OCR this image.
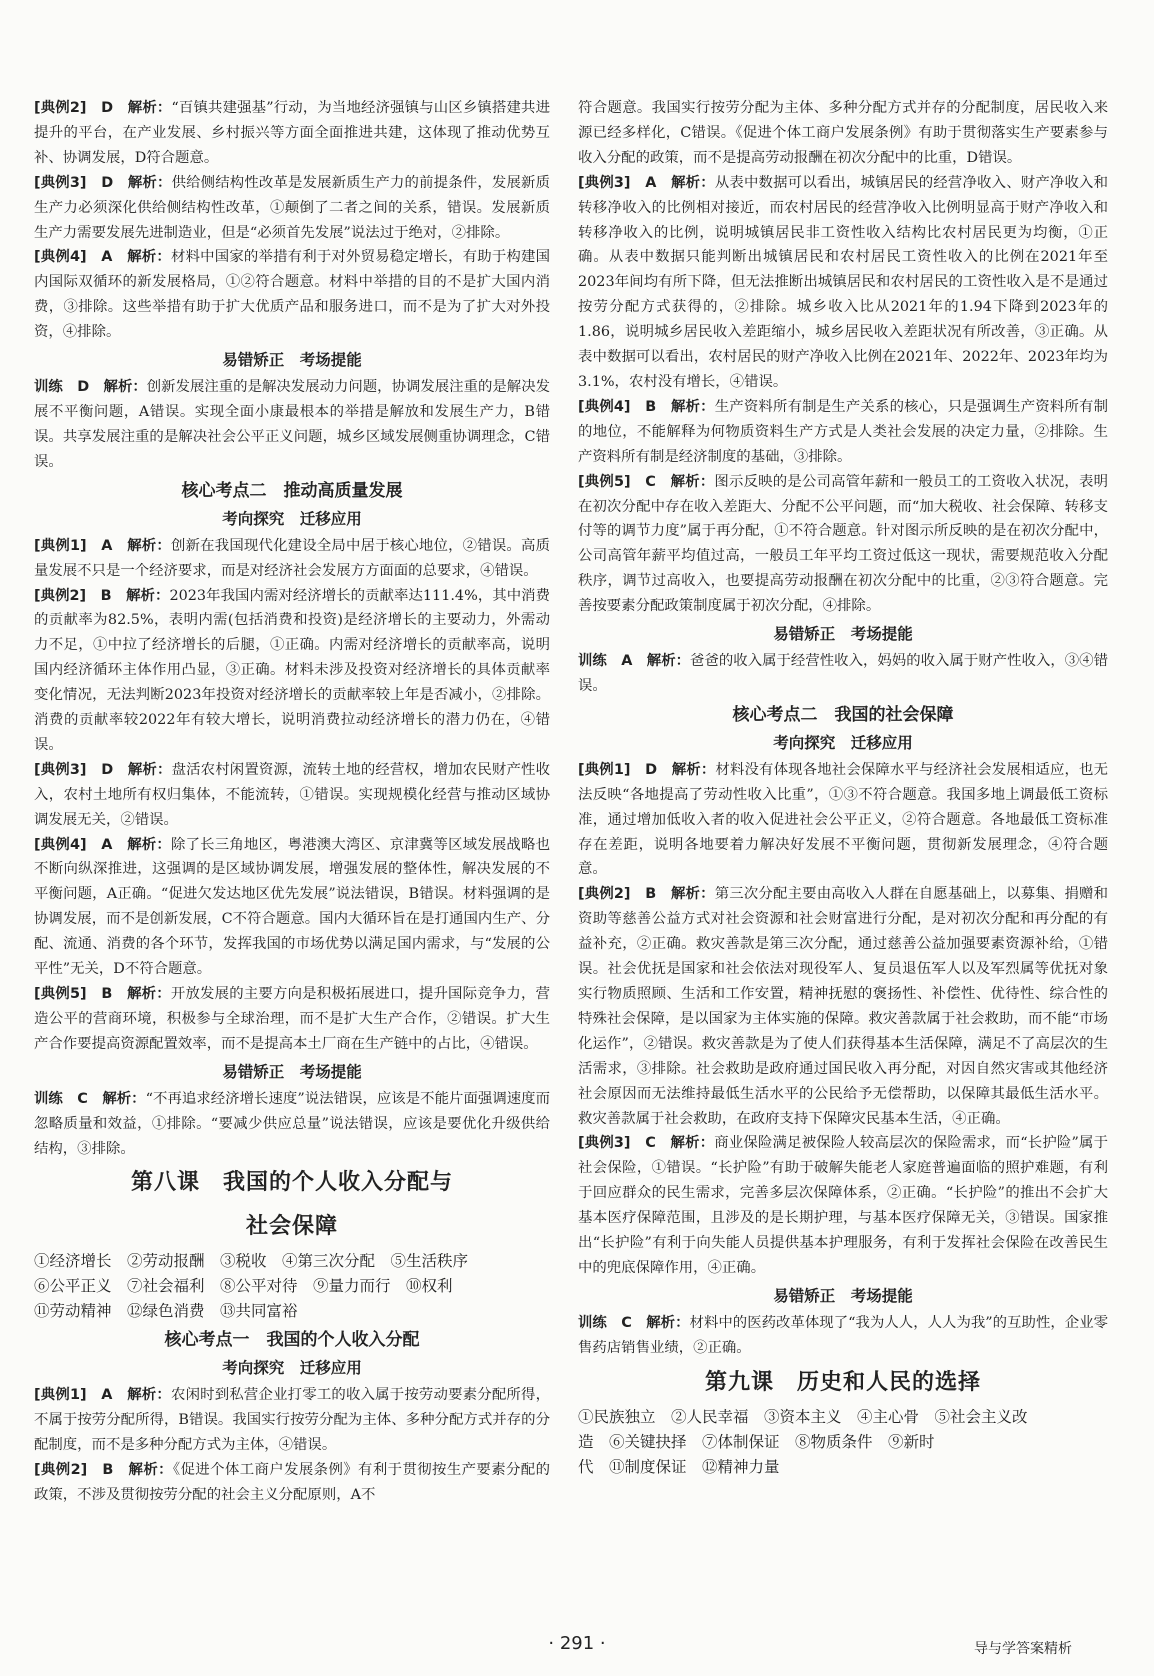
[典例2]　D　解析：“百镇共建强基”行动，为当地经济强镇与山区乡镇搭建共进提升的平台，在产业发展、乡村振兴等方面全面推进共建，这体现了推动优势互补、协调发展，D符合题意。

[典例3]　D　解析：供给侧结构性改革是发展新质生产力的前提条件，发展新质生产力必须深化供给侧结构性改革，①颠倒了二者之间的关系，错误。发展新质生产力需要发展先进制造业，但是“必须首先发展”说法过于绝对，②排除。

[典例4]　A　解析：材料中国家的举措有利于对外贸易稳定增长，有助于构建国内国际双循环的新发展格局，①②符合题意。材料中举措的目的不是扩大国内消费，③排除。这些举措有助于扩大优质产品和服务进口，而不是为了扩大对外投资，④排除。

易错矫正　考场提能

训练　D　解析：创新发展注重的是解决发展动力问题，协调发展注重的是解决发展不平衡问题，A错误。实现全面小康最根本的举措是解放和发展生产力，B错误。共享发展注重的是解决社会公平正义问题，城乡区域发展侧重协调理念，C错误。

核心考点二　推动高质量发展
考向探究　迁移应用

[典例1]　A　解析：创新在我国现代化建设全局中居于核心地位，②错误。高质量发展不只是一个经济要求，而是对经济社会发展方方面面的总要求，④错误。

[典例2]　B　解析：2023年我国内需对经济增长的贡献率达111.4%，其中消费的贡献率为82.5%，表明内需(包括消费和投资)是经济增长的主要动力，外需动力不足，①中拉了经济增长的后腿，①正确。内需对经济增长的贡献率高，说明国内经济循环主体作用凸显，③正确。材料未涉及投资对经济增长的具体贡献率变化情况，无法判断2023年投资对经济增长的贡献率较上年是否减小，②排除。消费的贡献率较2022年有较大增长，说明消费拉动经济增长的潜力仍在，④错误。

[典例3]　D　解析：盘活农村闲置资源，流转土地的经营权，增加农民财产性收入，农村土地所有权归集体，不能流转，①错误。实现规模化经营与推动区域协调发展无关，②错误。

[典例4]　A　解析：除了长三角地区，粤港澳大湾区、京津冀等区域发展战略也不断向纵深推进，这强调的是区域协调发展，增强发展的整体性，解决发展的不平衡问题，A正确。“促进欠发达地区优先发展”说法错误，B错误。材料强调的是协调发展，而不是创新发展，C不符合题意。国内大循环旨在是打通国内生产、分配、流通、消费的各个环节，发挥我国的市场优势以满足国内需求，与“发展的公平性”无关，D不符合题意。

[典例5]　B　解析：开放发展的主要方向是积极拓展进口，提升国际竞争力，营造公平的营商环境，积极参与全球治理，而不是扩大生产合作，②错误。扩大生产合作要提高资源配置效率，而不是提高本土厂商在生产链中的占比，④错误。

易错矫正　考场提能

训练　C　解析：“不再追求经济增长速度”说法错误，应该是不能片面强调速度而忽略质量和效益，①排除。“要减少供应总量”说法错误，应该是要优化升级供给结构，③排除。

第八课　我国的个人收入分配与
社会保障

①经济增长　②劳动报酬　③税收　④第三次分配　⑤生活秩序

⑥公平正义　⑦社会福利　⑧公平对待　⑨量力而行　⑩权利

⑪劳动精神　⑫绿色消费　⑬共同富裕

核心考点一　我国的个人收入分配
考向探究　迁移应用

[典例1]　A　解析：农闲时到私营企业打零工的收入属于按劳动要素分配所得，不属于按劳分配所得，B错误。我国实行按劳分配为主体、多种分配方式并存的分配制度，而不是多种分配方式为主体，④错误。

[典例2]　B　解析：《促进个体工商户发展条例》有利于贯彻按生产要素分配的政策，不涉及贯彻按劳分配的社会主义分配原则，A不

符合题意。我国实行按劳分配为主体、多种分配方式并存的分配制度，居民收入来源已经多样化，C错误。《促进个体工商户发展条例》有助于贯彻落实生产要素参与收入分配的政策，而不是提高劳动报酬在初次分配中的比重，D错误。

[典例3]　A　解析：从表中数据可以看出，城镇居民的经营净收入、财产净收入和转移净收入的比例相对接近，而农村居民的经营净收入比例明显高于财产净收入和转移净收入的比例，说明城镇居民非工资性收入结构比农村居民更为均衡，①正确。从表中数据只能判断出城镇居民和农村居民工资性收入的比例在2021年至2023年间均有所下降，但无法推断出城镇居民和农村居民的工资性收入是不是通过按劳分配方式获得的，②排除。城乡收入比从2021年的1.94下降到2023年的1.86，说明城乡居民收入差距缩小，城乡居民收入差距状况有所改善，③正确。从表中数据可以看出，农村居民的财产净收入比例在2021年、2022年、2023年均为3.1%，农村没有增长，④错误。

[典例4]　B　解析：生产资料所有制是生产关系的核心，只是强调生产资料所有制的地位，不能解释为何物质资料生产方式是人类社会发展的决定力量，②排除。生产资料所有制是经济制度的基础，③排除。

[典例5]　C　解析：图示反映的是公司高管年薪和一般员工的工资收入状况，表明在初次分配中存在收入差距大、分配不公平问题，而“加大税收、社会保障、转移支付等的调节力度”属于再分配，①不符合题意。针对图示所反映的是在初次分配中，公司高管年薪平均值过高，一般员工年平均工资过低这一现状，需要规范收入分配秩序，调节过高收入，也要提高劳动报酬在初次分配中的比重，②③符合题意。完善按要素分配政策制度属于初次分配，④排除。

易错矫正　考场提能

训练　A　解析：爸爸的收入属于经营性收入，妈妈的收入属于财产性收入，③④错误。

核心考点二　我国的社会保障
考向探究　迁移应用

[典例1]　D　解析：材料没有体现各地社会保障水平与经济社会发展相适应，也无法反映“各地提高了劳动性收入比重”，①③不符合题意。我国多地上调最低工资标准，通过增加低收入者的收入促进社会公平正义，②符合题意。各地最低工资标准存在差距，说明各地要着力解决好发展不平衡问题，贯彻新发展理念，④符合题意。

[典例2]　B　解析：第三次分配主要由高收入人群在自愿基础上，以募集、捐赠和资助等慈善公益方式对社会资源和社会财富进行分配，是对初次分配和再分配的有益补充，②正确。救灾善款是第三次分配，通过慈善公益加强要素资源补给，①错误。社会优抚是国家和社会依法对现役军人、复员退伍军人以及军烈属等优抚对象实行物质照顾、生活和工作安置，精神抚慰的褒扬性、补偿性、优待性、综合性的特殊社会保障，是以国家为主体实施的保障。救灾善款属于社会救助，而不能“市场化运作”，②错误。救灾善款是为了使人们获得基本生活保障，满足不了高层次的生活需求，③排除。社会救助是政府通过国民收入再分配，对因自然灾害或其他经济社会原因而无法维持最低生活水平的公民给予无偿帮助，以保障其最低生活水平。救灾善款属于社会救助，在政府支持下保障灾民基本生活，④正确。

[典例3]　C　解析：商业保险满足被保险人较高层次的保险需求，而“长护险”属于社会保险，①错误。“长护险”有助于破解失能老人家庭普遍面临的照护难题，有利于回应群众的民生需求，完善多层次保障体系，②正确。“长护险”的推出不会扩大基本医疗保障范围，且涉及的是长期护理，与基本医疗保障无关，③错误。国家推出“长护险”有利于向失能人员提供基本护理服务，有利于发挥社会保险在改善民生中的兜底保障作用，④正确。

易错矫正　考场提能

训练　C　解析：材料中的医药改革体现了“我为人人，人人为我”的互助性，企业零售药店销售业绩，②正确。

第九课　历史和人民的选择

①民族独立　②人民幸福　③资本主义　④主心骨　⑤社会主义改

造　⑥关键抉择　⑦体制保证　⑧物质条件　⑨新时

代　⑪制度保证　⑫精神力量

· 291 ·	导与学答案精析
